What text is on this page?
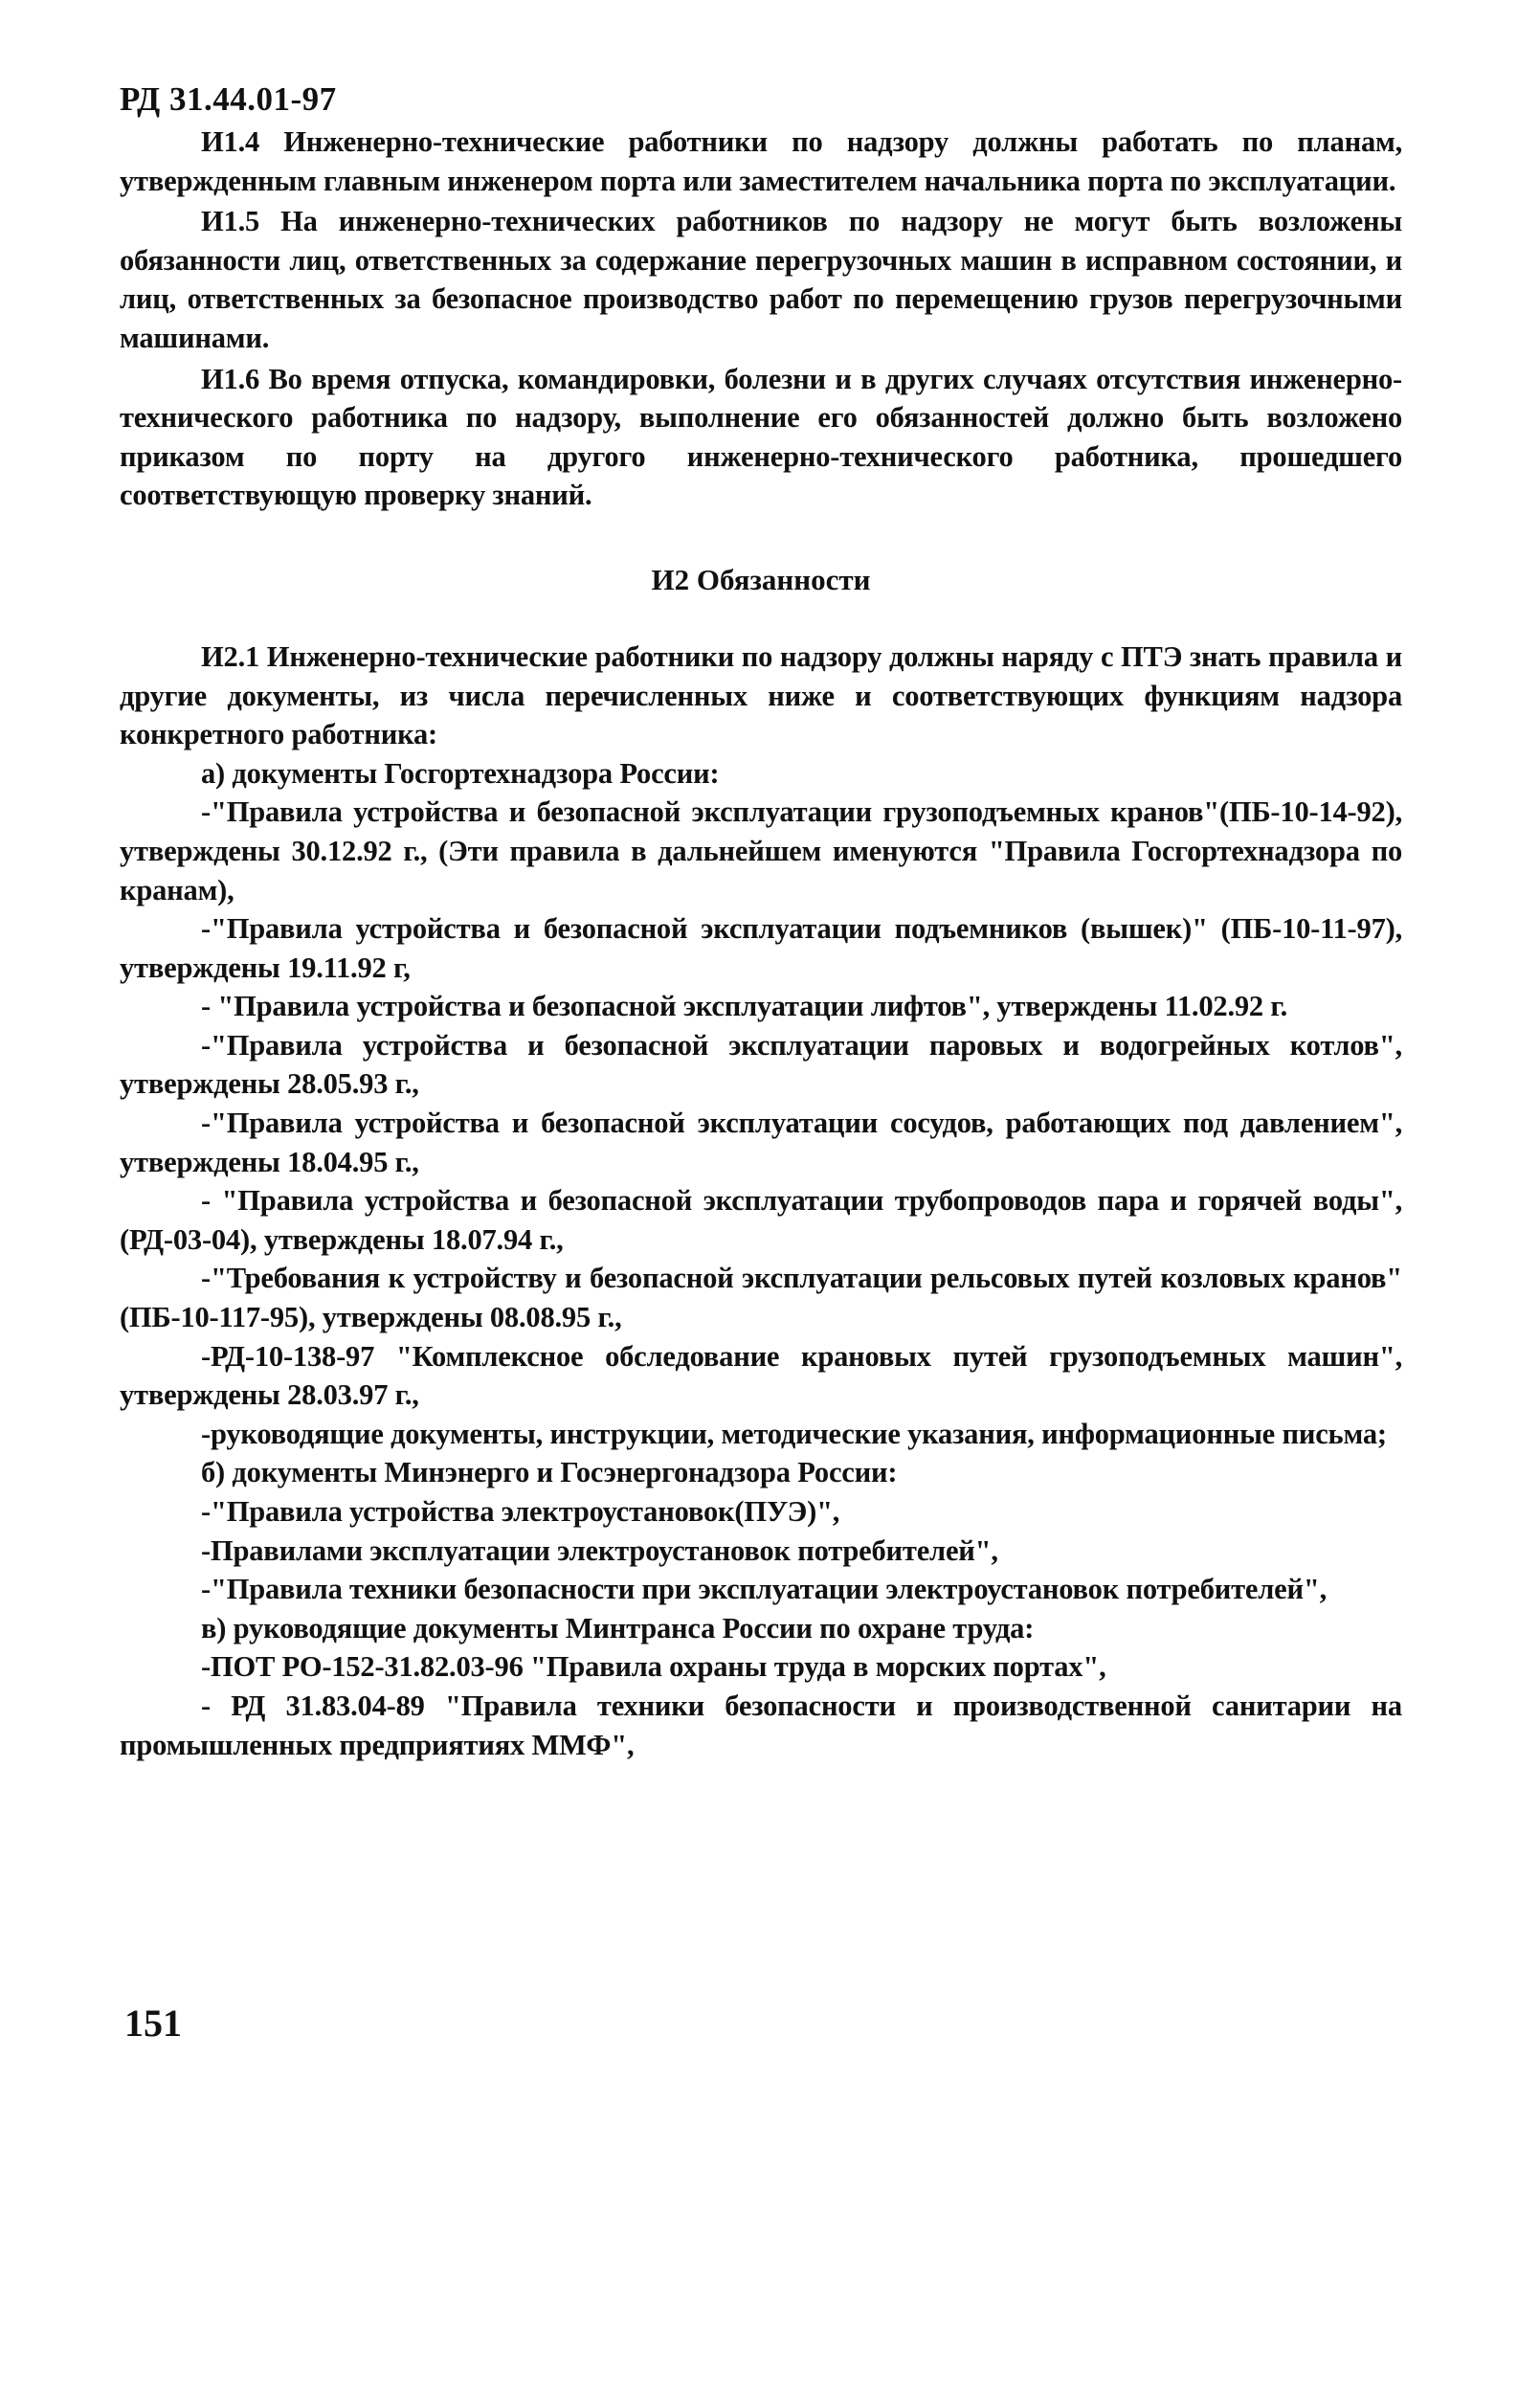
РД 31.44.01-97

И1.4 Инженерно-технические работники по надзору должны работать по планам, утвержденным главным инженером порта или заместителем начальника порта по эксплуатации.

И1.5 На инженерно-технических работников по надзору не могут быть возложены обязанности лиц, ответственных за содержание перегрузочных машин в исправном состоянии, и лиц, ответственных за безопасное производство работ по перемещению грузов перегрузочными машинами.

И1.6 Во время отпуска, командировки, болезни и в других случаях отсутствия инженерно-технического работника по надзору, выполнение его обязанностей должно быть возложено приказом по порту на другого инженерно-технического работника, прошедшего соответствующую проверку знаний.

И2 Обязанности

И2.1 Инженерно-технические работники по надзору должны наряду с ПТЭ знать правила и другие документы, из числа перечисленных ниже и соответствующих функциям надзора конкретного работника:

а) документы Госгортехнадзора России:

-"Правила устройства и безопасной эксплуатации грузоподъемных кранов"(ПБ-10-14-92), утверждены 30.12.92 г., (Эти правила в дальнейшем именуются "Правила Госгортехнадзора по кранам),

-"Правила устройства и безопасной эксплуатации подъемников (вышек)" (ПБ-10-11-97), утверждены 19.11.92 г,

- "Правила устройства и безопасной эксплуатации лифтов", утверждены 11.02.92 г.

-"Правила устройства и безопасной эксплуатации паровых и водогрейных котлов", утверждены 28.05.93 г.,

-"Правила устройства и безопасной эксплуатации сосудов, работающих под давлением", утверждены 18.04.95 г.,

- "Правила устройства и безопасной эксплуатации трубопроводов пара и горячей воды", (РД-03-04), утверждены 18.07.94 г.,

-"Требования к устройству и безопасной эксплуатации рельсовых путей козловых кранов" (ПБ-10-117-95), утверждены 08.08.95 г.,

-РД-10-138-97 "Комплексное обследование крановых путей грузоподъемных машин", утверждены 28.03.97 г.,

-руководящие документы, инструкции, методические указания, информационные письма;

б) документы Минэнерго и Госэнергонадзора России:

-"Правила устройства электроустановок(ПУЭ)",

-Правилами эксплуатации электроустановок потребителей",

-"Правила техники безопасности при эксплуатации электроустановок потребителей",

в) руководящие документы Минтранса России по охране труда:

-ПОТ РО-152-31.82.03-96 "Правила охраны труда в морских портах",

- РД 31.83.04-89 "Правила техники безопасности и производственной санитарии на промышленных предприятиях ММФ",

151
